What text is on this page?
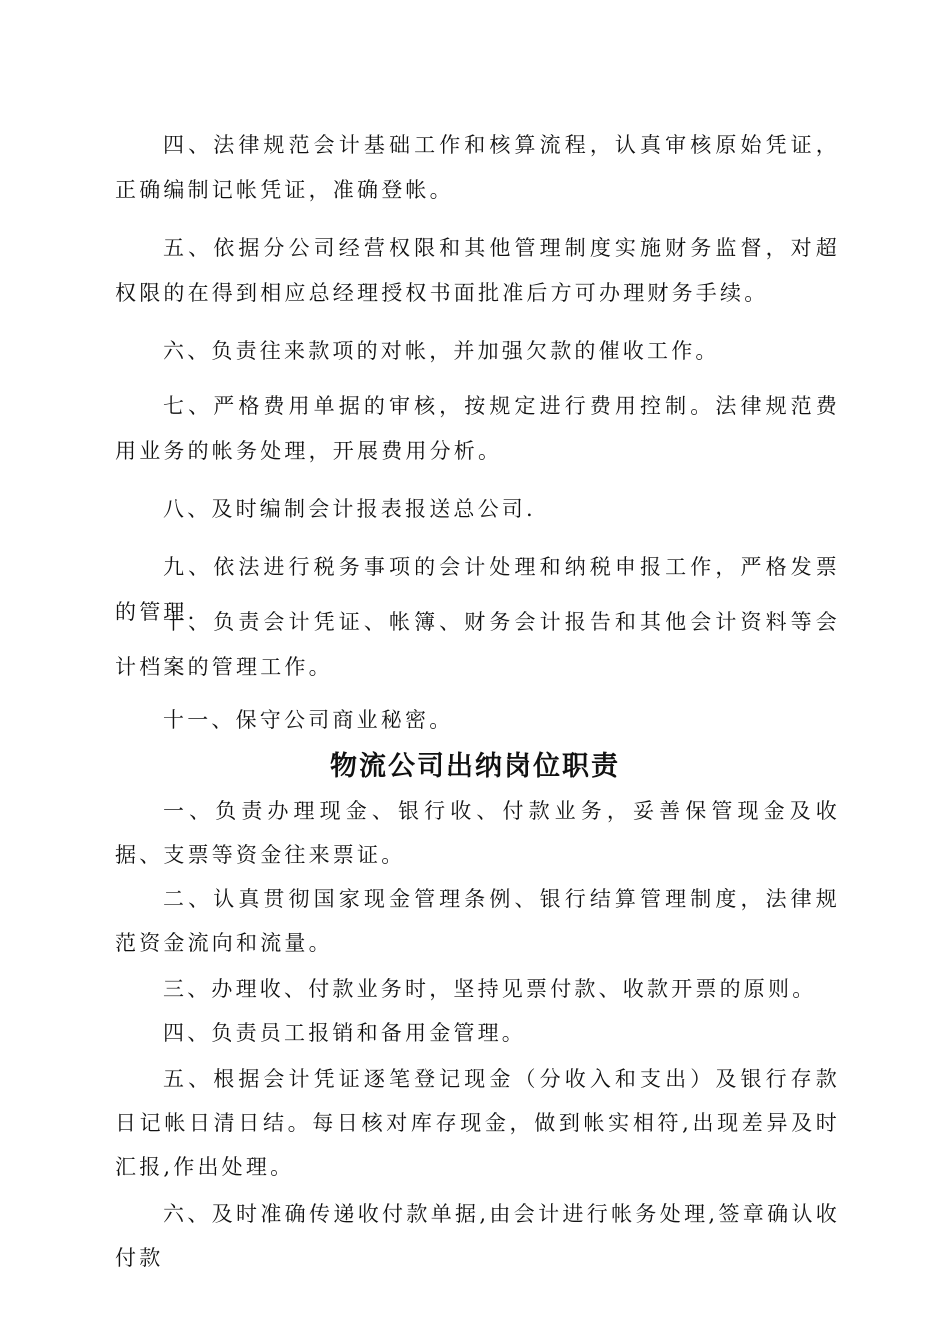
四、法律规范会计基础工作和核算流程，认真审核原始凭证，正确编制记帐凭证，准确登帐。

五、依据分公司经营权限和其他管理制度实施财务监督，对超权限的在得到相应总经理授权书面批准后方可办理财务手续。

六、负责往来款项的对帐，并加强欠款的催收工作。

七、严格费用单据的审核，按规定进行费用控制。法律规范费用业务的帐务处理，开展费用分析。

八、及时编制会计报表报送总公司.

九、依法进行税务事项的会计处理和纳税申报工作，严格发票的管理.

十、负责会计凭证、帐簿、财务会计报告和其他会计资料等会计档案的管理工作。

十一、保守公司商业秘密。

物流公司出纳岗位职责

一、负责办理现金、银行收、付款业务，妥善保管现金及收据、支票等资金往来票证。

二、认真贯彻国家现金管理条例、银行结算管理制度，法律规范资金流向和流量。

三、办理收、付款业务时，坚持见票付款、收款开票的原则。

四、负责员工报销和备用金管理。

五、根据会计凭证逐笔登记现金（分收入和支出）及银行存款日记帐日清日结。每日核对库存现金，做到帐实相符,出现差异及时汇报,作出处理。

六、及时准确传递收付款单据,由会计进行帐务处理,签章确认收付款
